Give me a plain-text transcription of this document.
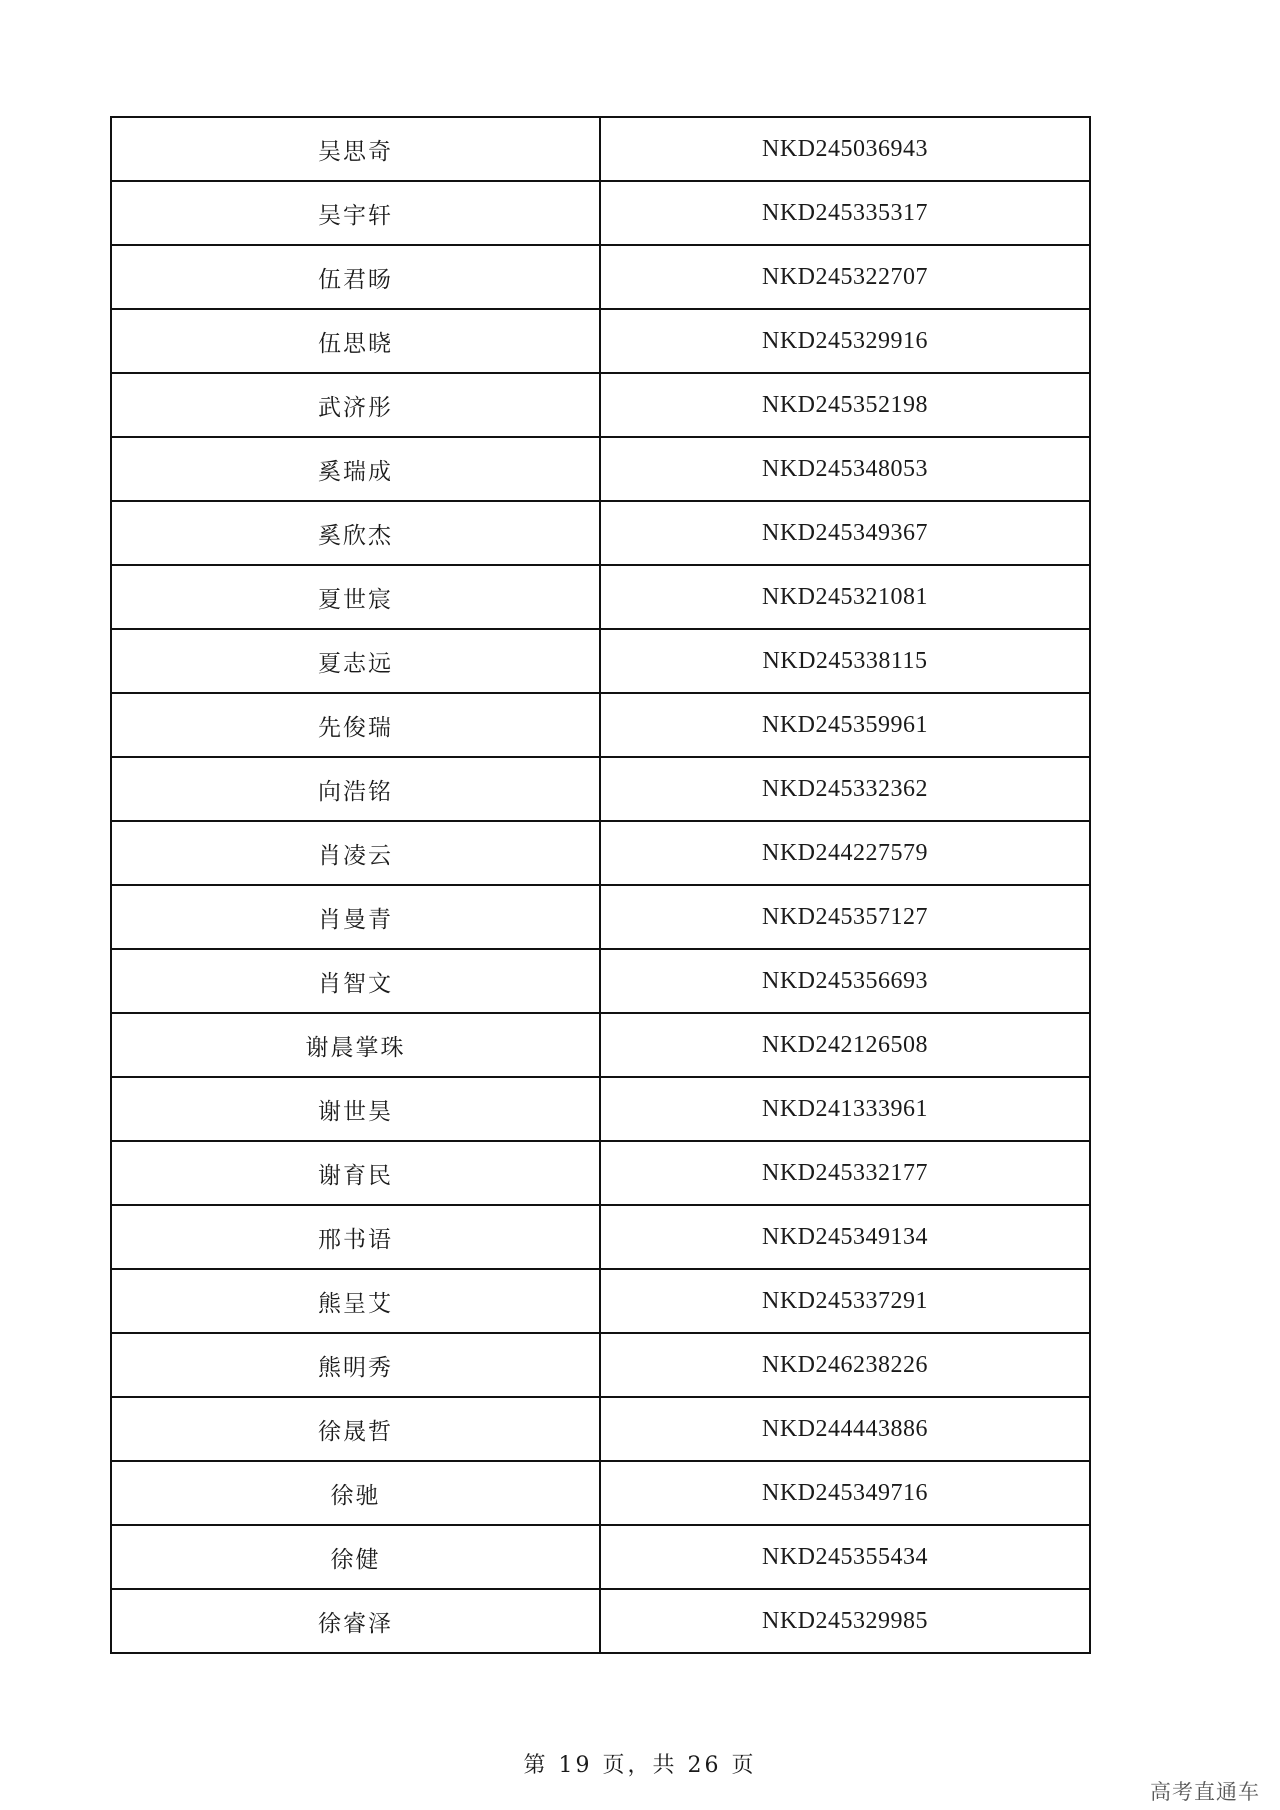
吴思奇	NKD245036943
吴宇轩	NKD245335317
伍君旸	NKD245322707
伍思晓	NKD245329916
武济彤	NKD245352198
奚瑞成	NKD245348053
奚欣杰	NKD245349367
夏世宸	NKD245321081
夏志远	NKD245338115
先俊瑞	NKD245359961
向浩铭	NKD245332362
肖凌云	NKD244227579
肖曼青	NKD245357127
肖智文	NKD245356693
谢晨掌珠	NKD242126508
谢世昊	NKD241333961
谢育民	NKD245332177
邢书语	NKD245349134
熊呈艾	NKD245337291
熊明秀	NKD246238226
徐晟哲	NKD244443886
徐驰	NKD245349716
徐健	NKD245355434
徐睿泽	NKD245329985
第 19 页，共 26 页
高考直通车
